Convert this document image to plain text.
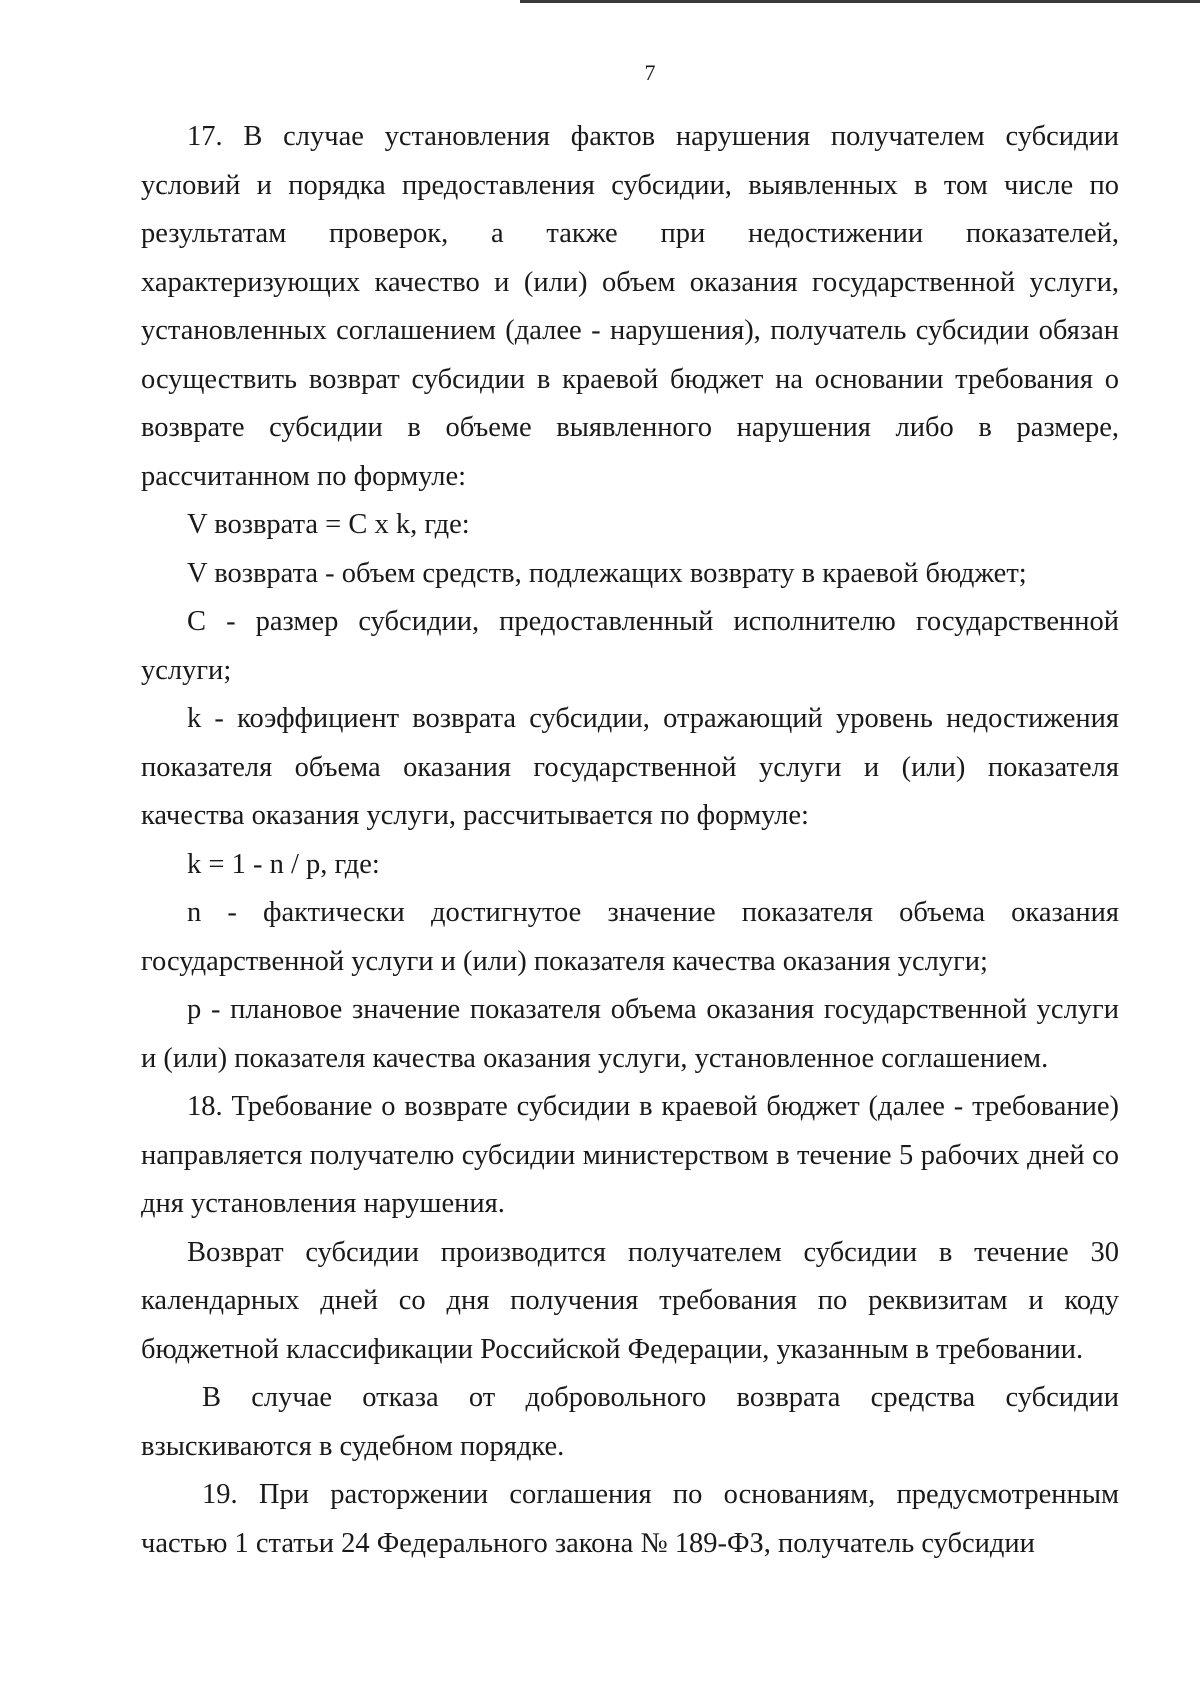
7

17. В случае установления фактов нарушения получателем субсидии условий и порядка предоставления субсидии, выявленных в том числе по результатам проверок, а также при недостижении показателей, характеризующих качество и (или) объем оказания государственной услуги, установленных соглашением (далее - нарушения), получатель субсидии обязан осуществить возврат субсидии в краевой бюджет на основании требования о возврате субсидии в объеме выявленного нарушения либо в размере, рассчитанном по формуле:

V возврата = C x k, где:

V возврата - объем средств, подлежащих возврату в краевой бюджет;

C - размер субсидии, предоставленный исполнителю государственной услуги;

k - коэффициент возврата субсидии, отражающий уровень недостижения показателя объема оказания государственной услуги и (или) показателя качества оказания услуги, рассчитывается по формуле:

k = 1 - n / p, где:

n - фактически достигнутое значение показателя объема оказания государственной услуги и (или) показателя качества оказания услуги;

p - плановое значение показателя объема оказания государственной услуги и (или) показателя качества оказания услуги, установленное соглашением.

18. Требование о возврате субсидии в краевой бюджет (далее - требование) направляется получателю субсидии министерством в течение 5 рабочих дней со дня установления нарушения.

Возврат субсидии производится получателем субсидии в течение 30 календарных дней со дня получения требования по реквизитам и коду бюджетной классификации Российской Федерации, указанным в требовании.

В случае отказа от добровольного возврата средства субсидии взыскиваются в судебном порядке.

19. При расторжении соглашения по основаниям, предусмотренным частью 1 статьи 24 Федерального закона № 189-ФЗ, получатель субсидии
